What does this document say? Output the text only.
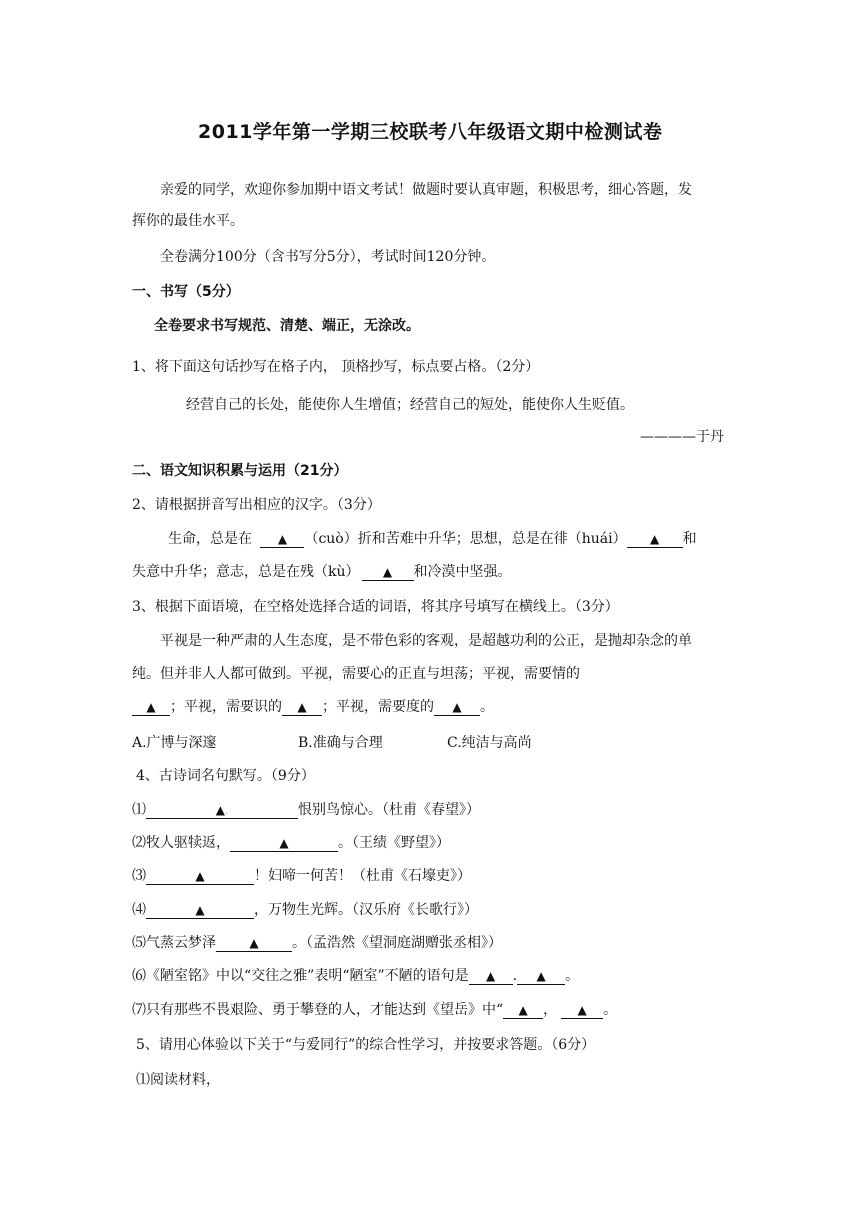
2011学年第一学期三校联考八年级语文期中检测试卷
亲爱的同学，欢迎你参加期中语文考试！做题时要认真审题，积极思考，细心答题，发
挥你的最佳水平。
全卷满分100分（含书写分5分），考试时间120分钟。
一、书写（5分）
全卷要求书写规范、清楚、端正，无涂改。
1、将下面这句话抄写在格子内， 顶格抄写，标点要占格。（2分）
经营自己的长处，能使你人生增值；经营自己的短处，能使你人生贬值。
————于丹
二、语文知识积累与运用（21分）
2、请根据拼音写出相应的汉字。（3分）
生命，总是在 ▲ （cuò）折和苦难中升华；思想，总是在徘（huái） ▲ 和
失意中升华；意志，总是在残（kù） ▲ 和冷漠中坚强。
3、根据下面语境，在空格处选择合适的词语，将其序号填写在横线上。（3分）
平视是一种严肃的人生态度，是不带色彩的客观，是超越功利的公正，是抛却杂念的单
纯。但并非人人都可做到。平视，需要心的正直与坦荡；平视，需要情的
▲ ；平视，需要识的 ▲ ；平视，需要度的 ▲ 。
A.广博与深邃	B.准确与合理	C.纯洁与高尚
4、古诗词名句默写。（9分）
⑴	▲.	恨别鸟惊心。（杜甫《春望》）
⑵牧人驱犊返，	▲	。（王绩《野望》）
⑶	▲	！妇啼一何苦！（杜甫《石壕吏》）
⑷	▲	，万物生光辉。（汉乐府《长歌行》）
⑸气蒸云梦泽	▲ 。（孟浩然《望洞庭湖赠张丞相》）
⑹《陋室铭》中以“交往之雅”表明“陋室”不陋的语句是 ▲ . ▲ 。
⑺只有那些不畏艰险、勇于攀登的人，才能达到《望岳》中“ ▲ ， ▲ 。
5、请用心体验以下关于“与爱同行”的综合性学习，并按要求答题。（6分）
⑴阅读材料，
